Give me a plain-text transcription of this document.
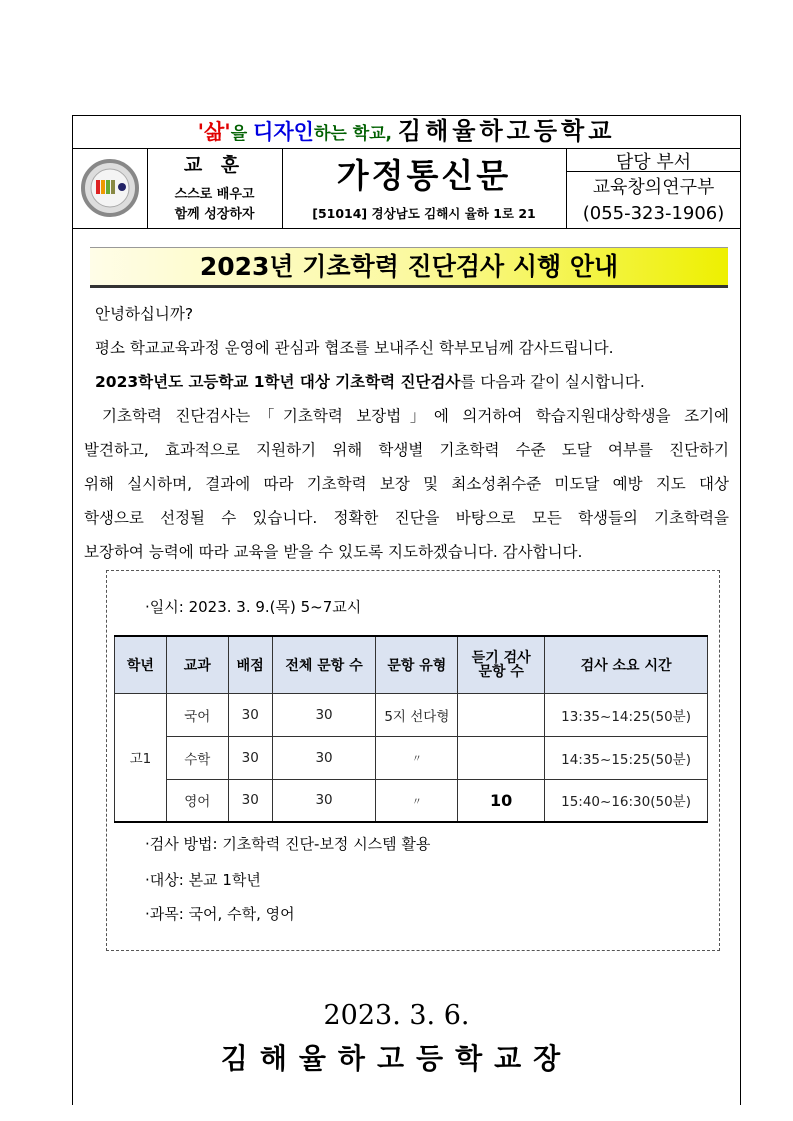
'삶'을 디자인하는 학교, 김해율하고등학교
교 훈
스스로 배우고
함께 성장하자
가정통신문
[51014] 경상남도 김해시 율하 1로 21
담당 부서
교육창의연구부
(055-323-1906)
2023년 기초학력 진단검사 시행 안내
안녕하십니까?
평소 학교교육과정 운영에 관심과 협조를 보내주신 학부모님께 감사드립니다.
2023학년도 고등학교 1학년 대상 기초학력 진단검사를 다음과 같이 실시합니다.
기초학력 진단검사는「기초학력 보장법」에 의거하여 학습지원대상학생을 조기에
발견하고, 효과적으로 지원하기 위해 학생별 기초학력 수준 도달 여부를 진단하기
위해 실시하며, 결과에 따라 기초학력 보장 및 최소성취수준 미도달 예방 지도 대상
학생으로 선정될 수 있습니다. 정확한 진단을 바탕으로 모든 학생들의 기초학력을
보장하여 능력에 따라 교육을 받을 수 있도록 지도하겠습니다. 감사합니다.
·일시: 2023. 3. 9.(목) 5~7교시
학년	교과	배점	전체 문항 수	문항 유형	듣기 검사 문항 수	검사 소요 시간
고1	국어	30	30	5지 선다형		13:35~14:25(50분)
	수학	30	30	〃		14:35~15:25(50분)
	영어	30	30	〃	10	15:40~16:30(50분)
·검사 방법: 기초학력 진단-보정 시스템 활용
·대상: 본교 1학년
·과목: 국어, 수학, 영어
2023. 3. 6.
김해율하고등학교장
